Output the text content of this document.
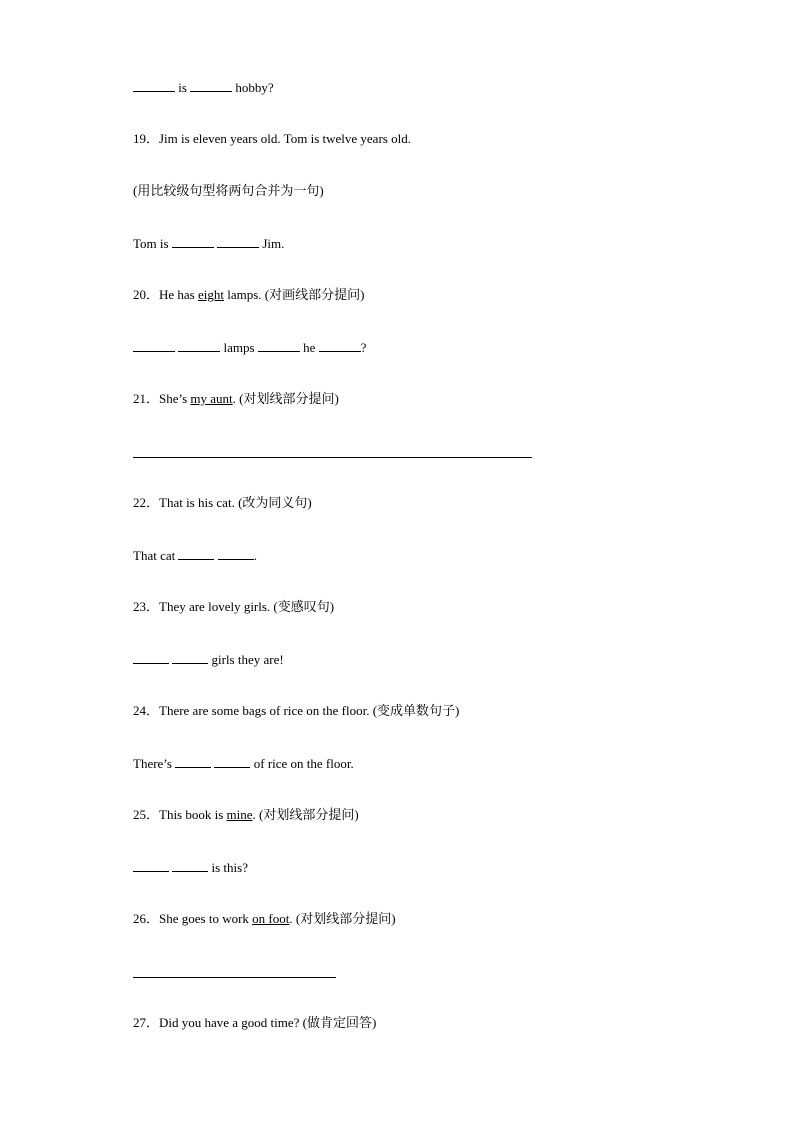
is	hobby?
19．Jim is eleven years old. Tom is twelve years old.
(用比较级句型将两句合并为一句)
Tom is	Jim.
20．He has eight lamps. (对画线部分提问)
lamps	he	?
21．She’s my aunt. (对划线部分提问)
22．That is his cat. (改为同义句)
That cat	.
23．They are lovely girls. (变感叹句)
girls they are!
24．There are some bags of rice on the floor. (变成单数句子)
There’s	of rice on the floor.
25．This book is mine. (对划线部分提问)
is this?
26．She goes to work on foot. (对划线部分提问)
27．Did you have a good time? (做肯定回答)
